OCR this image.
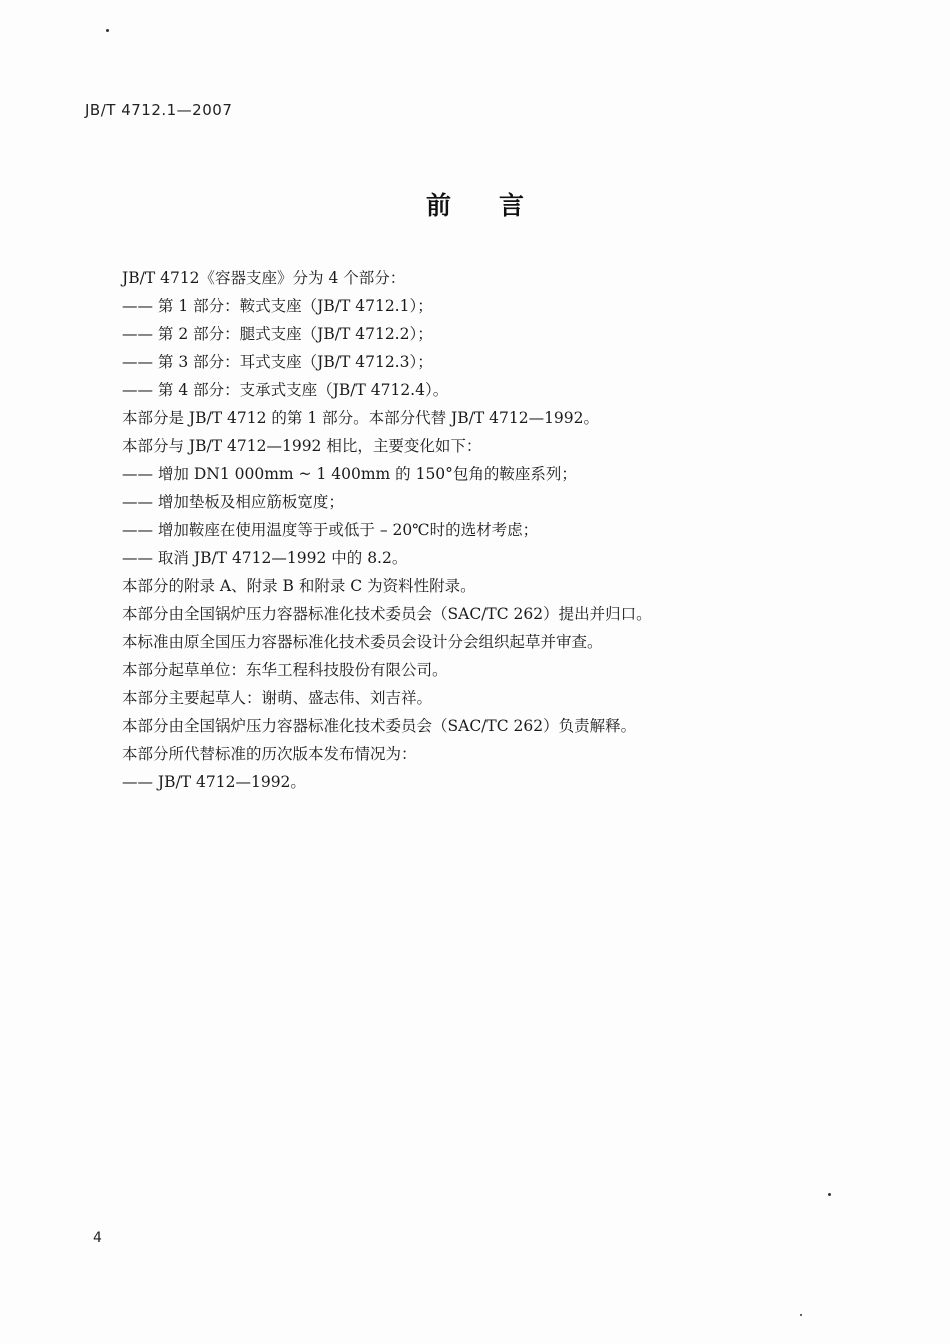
JB/T 4712.1—2007
前言
JB/T 4712《容器支座》分为 4 个部分：
—— 第 1 部分：鞍式支座（JB/T 4712.1）；
—— 第 2 部分：腿式支座（JB/T 4712.2）；
—— 第 3 部分：耳式支座（JB/T 4712.3）；
—— 第 4 部分：支承式支座（JB/T 4712.4）。
本部分是 JB/T 4712 的第 1 部分。本部分代替 JB/T 4712—1992。
本部分与 JB/T 4712—1992 相比，主要变化如下：
—— 增加 DN1 000mm ~ 1 400mm 的 150°包角的鞍座系列；
—— 增加垫板及相应筋板宽度；
—— 增加鞍座在使用温度等于或低于 – 20℃时的选材考虑；
—— 取消 JB/T 4712—1992 中的 8.2。
本部分的附录 A、附录 B 和附录 C 为资料性附录。
本部分由全国锅炉压力容器标准化技术委员会（SAC/TC 262）提出并归口。
本标准由原全国压力容器标准化技术委员会设计分会组织起草并审查。
本部分起草单位：东华工程科技股份有限公司。
本部分主要起草人：谢萌、盛志伟、刘吉祥。
本部分由全国锅炉压力容器标准化技术委员会（SAC/TC 262）负责解释。
本部分所代替标准的历次版本发布情况为：
—— JB/T 4712—1992。
4
